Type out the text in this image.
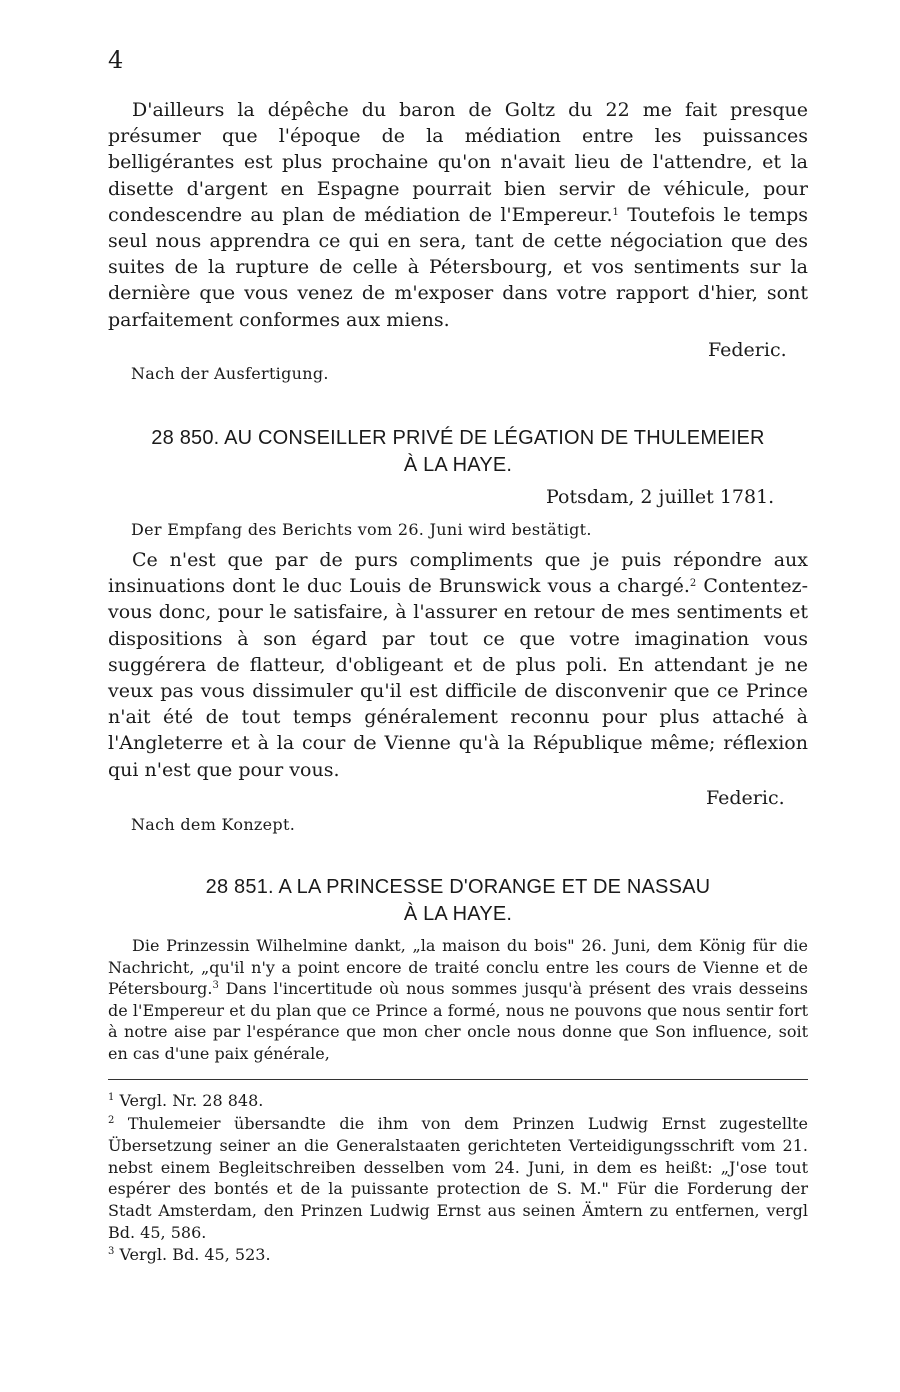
4

D'ailleurs la dépêche du baron de Goltz du 22 me fait presque présumer que l'époque de la médiation entre les puissances belligérantes est plus prochaine qu'on n'avait lieu de l'attendre, et la disette d'argent en Espagne pourrait bien servir de véhicule, pour condescendre au plan de médiation de l'Empereur.$^1$ Toutefois le temps seul nous apprendra ce qui en sera, tant de cette négociation que des suites de la rupture de celle à Pétersbourg, et vos sentiments sur la dernière que vous venez de m'exposer dans votre rapport d'hier, sont parfaitement conformes aux miens.

Federic.
Nach der Ausfertigung.
28 850. AU CONSEILLER PRIVÉ DE LÉGATION DE THULEMEIER
À LA HAYE.
Potsdam, 2 juillet 1781.
Der Empfang des Berichts vom 26. Juni wird bestätigt.

Ce n'est que par de purs compliments que je puis répondre aux insinuations dont le duc Louis de Brunswick vous a chargé.$^2$ Contentez-vous donc, pour le satisfaire, à l'assurer en retour de mes sentiments et dispositions à son égard par tout ce que votre imagination vous suggérera de flatteur, d'obligeant et de plus poli. En attendant je ne veux pas vous dissimuler qu'il est difficile de disconvenir que ce Prince n'ait été de tout temps généralement reconnu pour plus attaché à l'Angleterre et à la cour de Vienne qu'à la République même; réflexion qui n'est que pour vous.

Federic.
Nach dem Konzept.
28 851. A LA PRINCESSE D'ORANGE ET DE NASSAU
À LA HAYE.

Die Prinzessin Wilhelmine dankt, „la maison du bois" 26. Juni, dem König für die Nachricht, „qu'il n'y a point encore de traité conclu entre les cours de Vienne et de Pétersbourg.$^3$ Dans l'incertitude où nous sommes jusqu'à présent des vrais desseins de l'Empereur et du plan que ce Prince a formé, nous ne pouvons que nous sentir fort à notre aise par l'espérance que mon cher oncle nous donne que Son influence, soit en cas d'une paix générale,

$^1$ Vergl. Nr. 28 848.

$^2$ Thulemeier übersandte die ihm von dem Prinzen Ludwig Ernst zugestellte Übersetzung seiner an die Generalstaaten gerichteten Verteidigungsschrift vom 21. nebst einem Begleitschreiben desselben vom 24. Juni, in dem es heißt: „J'ose tout espérer des bontés et de la puissante protection de S. M." Für die Forderung der Stadt Amsterdam, den Prinzen Ludwig Ernst aus seinen Ämtern zu entfernen, vergl Bd. 45, 586.

$^3$ Vergl. Bd. 45, 523.
